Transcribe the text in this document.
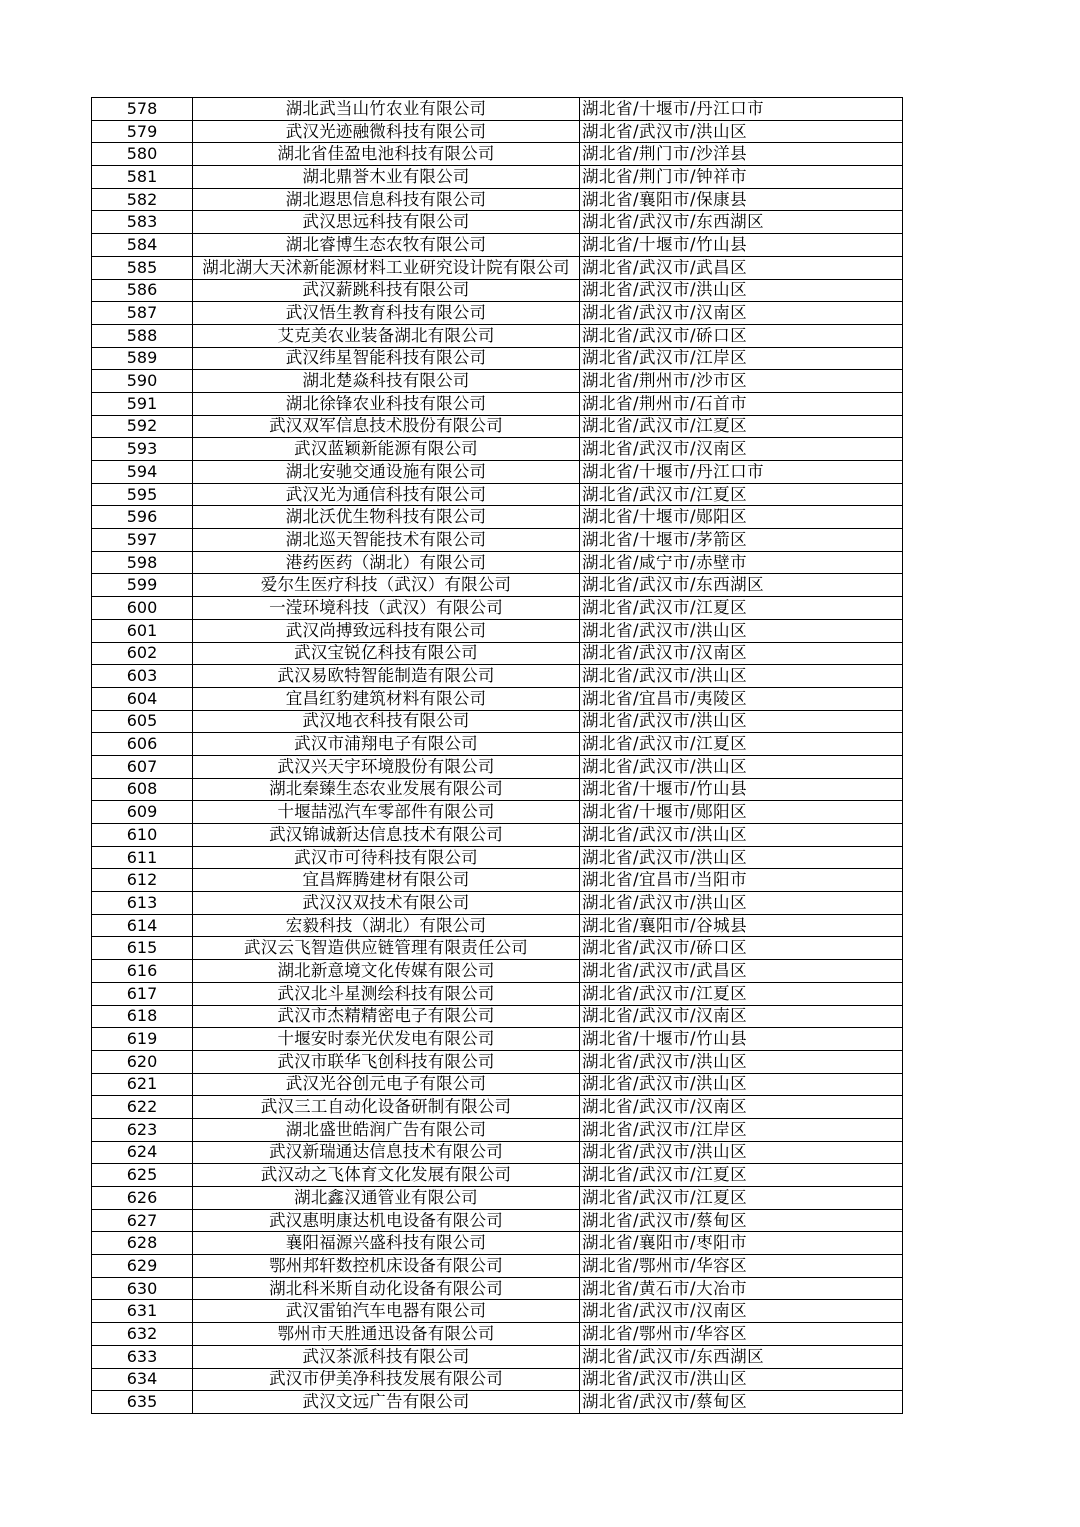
578	湖北武当山竹农业有限公司	湖北省/十堰市/丹江口市
579	武汉光迹融微科技有限公司	湖北省/武汉市/洪山区
580	湖北省佳盈电池科技有限公司	湖北省/荆门市/沙洋县
581	湖北鼎誉木业有限公司	湖北省/荆门市/钟祥市
582	湖北遐思信息科技有限公司	湖北省/襄阳市/保康县
583	武汉思远科技有限公司	湖北省/武汉市/东西湖区
584	湖北睿博生态农牧有限公司	湖北省/十堰市/竹山县
585	湖北湖大天沭新能源材料工业研究设计院有限公司	湖北省/武汉市/武昌区
586	武汉薪跳科技有限公司	湖北省/武汉市/洪山区
587	武汉悟生教育科技有限公司	湖北省/武汉市/汉南区
588	艾克美农业装备湖北有限公司	湖北省/武汉市/硚口区
589	武汉纬星智能科技有限公司	湖北省/武汉市/江岸区
590	湖北楚焱科技有限公司	湖北省/荆州市/沙市区
591	湖北徐锋农业科技有限公司	湖北省/荆州市/石首市
592	武汉双军信息技术股份有限公司	湖北省/武汉市/江夏区
593	武汉蓝颖新能源有限公司	湖北省/武汉市/汉南区
594	湖北安驰交通设施有限公司	湖北省/十堰市/丹江口市
595	武汉光为通信科技有限公司	湖北省/武汉市/江夏区
596	湖北沃优生物科技有限公司	湖北省/十堰市/郧阳区
597	湖北巡天智能技术有限公司	湖北省/十堰市/茅箭区
598	港药医药（湖北）有限公司	湖北省/咸宁市/赤壁市
599	爱尔生医疗科技（武汉）有限公司	湖北省/武汉市/东西湖区
600	一滢环境科技（武汉）有限公司	湖北省/武汉市/江夏区
601	武汉尚搏致远科技有限公司	湖北省/武汉市/洪山区
602	武汉宝锐亿科技有限公司	湖北省/武汉市/汉南区
603	武汉易欧特智能制造有限公司	湖北省/武汉市/洪山区
604	宜昌红豹建筑材料有限公司	湖北省/宜昌市/夷陵区
605	武汉地衣科技有限公司	湖北省/武汉市/洪山区
606	武汉市浦翔电子有限公司	湖北省/武汉市/江夏区
607	武汉兴天宇环境股份有限公司	湖北省/武汉市/洪山区
608	湖北秦臻生态农业发展有限公司	湖北省/十堰市/竹山县
609	十堰喆泓汽车零部件有限公司	湖北省/十堰市/郧阳区
610	武汉锦诚新达信息技术有限公司	湖北省/武汉市/洪山区
611	武汉市可待科技有限公司	湖北省/武汉市/洪山区
612	宜昌辉腾建材有限公司	湖北省/宜昌市/当阳市
613	武汉汉双技术有限公司	湖北省/武汉市/洪山区
614	宏毅科技（湖北）有限公司	湖北省/襄阳市/谷城县
615	武汉云飞智造供应链管理有限责任公司	湖北省/武汉市/硚口区
616	湖北新意境文化传媒有限公司	湖北省/武汉市/武昌区
617	武汉北斗星测绘科技有限公司	湖北省/武汉市/江夏区
618	武汉市杰精精密电子有限公司	湖北省/武汉市/汉南区
619	十堰安时泰光伏发电有限公司	湖北省/十堰市/竹山县
620	武汉市联华飞创科技有限公司	湖北省/武汉市/洪山区
621	武汉光谷创元电子有限公司	湖北省/武汉市/洪山区
622	武汉三工自动化设备研制有限公司	湖北省/武汉市/汉南区
623	湖北盛世皓润广告有限公司	湖北省/武汉市/江岸区
624	武汉新瑞通达信息技术有限公司	湖北省/武汉市/洪山区
625	武汉动之飞体育文化发展有限公司	湖北省/武汉市/江夏区
626	湖北鑫汉通管业有限公司	湖北省/武汉市/江夏区
627	武汉惠明康达机电设备有限公司	湖北省/武汉市/蔡甸区
628	襄阳福源兴盛科技有限公司	湖北省/襄阳市/枣阳市
629	鄂州邦轩数控机床设备有限公司	湖北省/鄂州市/华容区
630	湖北科米斯自动化设备有限公司	湖北省/黄石市/大冶市
631	武汉雷铂汽车电器有限公司	湖北省/武汉市/汉南区
632	鄂州市天胜通迅设备有限公司	湖北省/鄂州市/华容区
633	武汉茶派科技有限公司	湖北省/武汉市/东西湖区
634	武汉市伊美净科技发展有限公司	湖北省/武汉市/洪山区
635	武汉文远广告有限公司	湖北省/武汉市/蔡甸区
